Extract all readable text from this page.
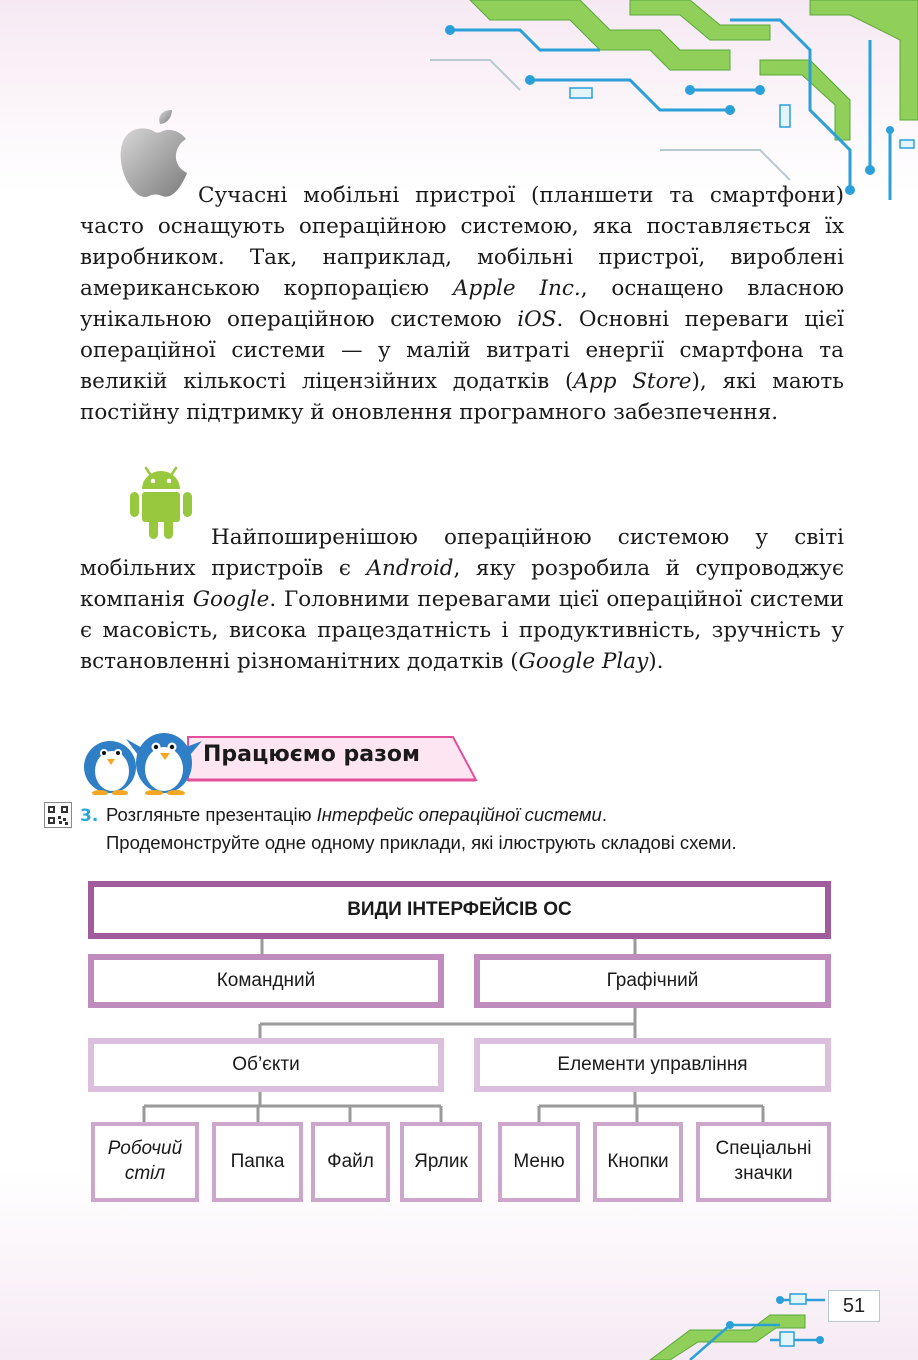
Сучасні мобільні пристрої (планшети та смартфони) часто оснащують операційною системою, яка поставляється їх виробником. Так, наприклад, мобільні пристрої, вироблені американською корпорацією Apple Inc., оснащено власною унікальною операційною системою iOS. Основні переваги цієї операційної системи — у малій витраті енергії смартфона та великій кількості ліцензійних додатків (App Store), які мають постійну підтримку й оновлення програмного забезпечення.

Найпоширенішою операційною системою у світі мобільних пристроїв є Android, яку розробила й супроводжує компанія Google. Головними перевагами цієї операційної системи є масовість, висока працездатність і продуктивність, зручність у встановленні різноманітних додатків (Google Play).

Працюємо разом
3. Розгляньте презентацію Інтерфейс операційної системи.
Продемонструйте одне одному приклади, які ілюструють складові схеми.
ВИДИ ІНТЕРФЕЙСІВ ОС
Командний	Графічний
Об’єкти	Елементи управління
Робочий
стіл
Папка	Файл	Ярлик	Меню	Кнопки
Спеціальні
значки
51
